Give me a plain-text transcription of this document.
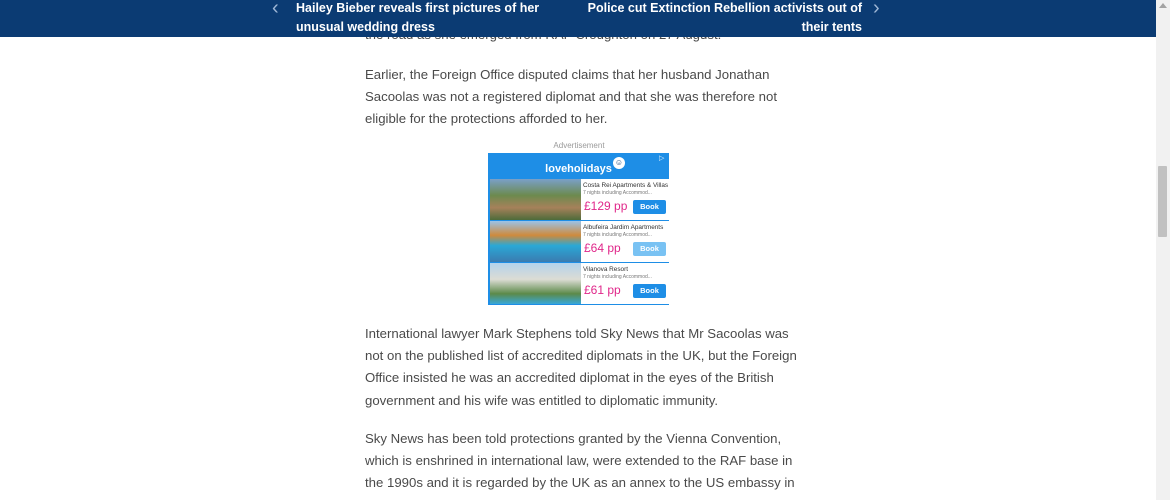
‹	Hailey Bieber reveals first pictures of her unusual wedding dress
Police cut Extinction Rebellion activists out of their tents
›

Earlier, the Foreign Office disputed claims that her husband Jonathan Sacoolas was not a registered diplomat and that she was therefore not eligible for the protections afforded to her.

International lawyer Mark Stephens told Sky News that Mr Sacoolas was not on the published list of accredited diplomats in the UK, but the Foreign Office insisted he was an accredited diplomat in the eyes of the British government and his wife was entitled to diplomatic immunity.

Sky News has been told protections granted by the Vienna Convention, which is enshrined in international law, were extended to the RAF base in the 1990s and it is regarded by the UK as an annex to the US embassy in

Advertisement
▷
loveholidays
☺
Costa Rei Apartments & Villas
7 nights including Accommod...
£129 pp	Book
Albufeira Jardim Apartments
7 nights including Accommod...
£64 pp	Book
Vilanova Resort
7 nights including Accommod...
£61 pp	Book
